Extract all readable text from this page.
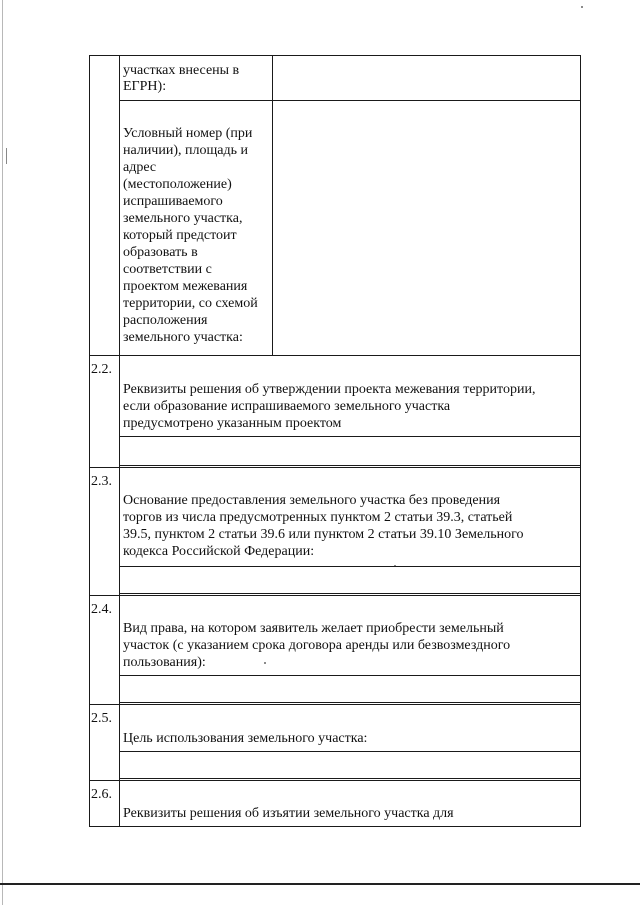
участках внесены в
ЕГРН):
Условный номер (при
наличии), площадь и
адрес
(местоположение)
испрашиваемого
земельного участка,
который предстоит
образовать в
соответствии с
проектом межевания
территории, со схемой
расположения
земельного участка:
2.2.
Реквизиты решения об утверждении проекта межевания территории,
если образование испрашиваемого земельного участка
предусмотрено указанным проектом
2.3.
Основание предоставления земельного участка без проведения
торгов из числа предусмотренных пунктом 2 статьи 39.3, статьей
39.5, пунктом 2 статьи 39.6 или пунктом 2 статьи 39.10 Земельного
кодекса Российской Федерации:
2.4.
Вид права, на котором заявитель желает приобрести земельный
участок (с указанием срока договора аренды или безвозмездного
пользования):
2.5.
Цель использования земельного участка:
2.6.
Реквизиты решения об изъятии земельного участка для
